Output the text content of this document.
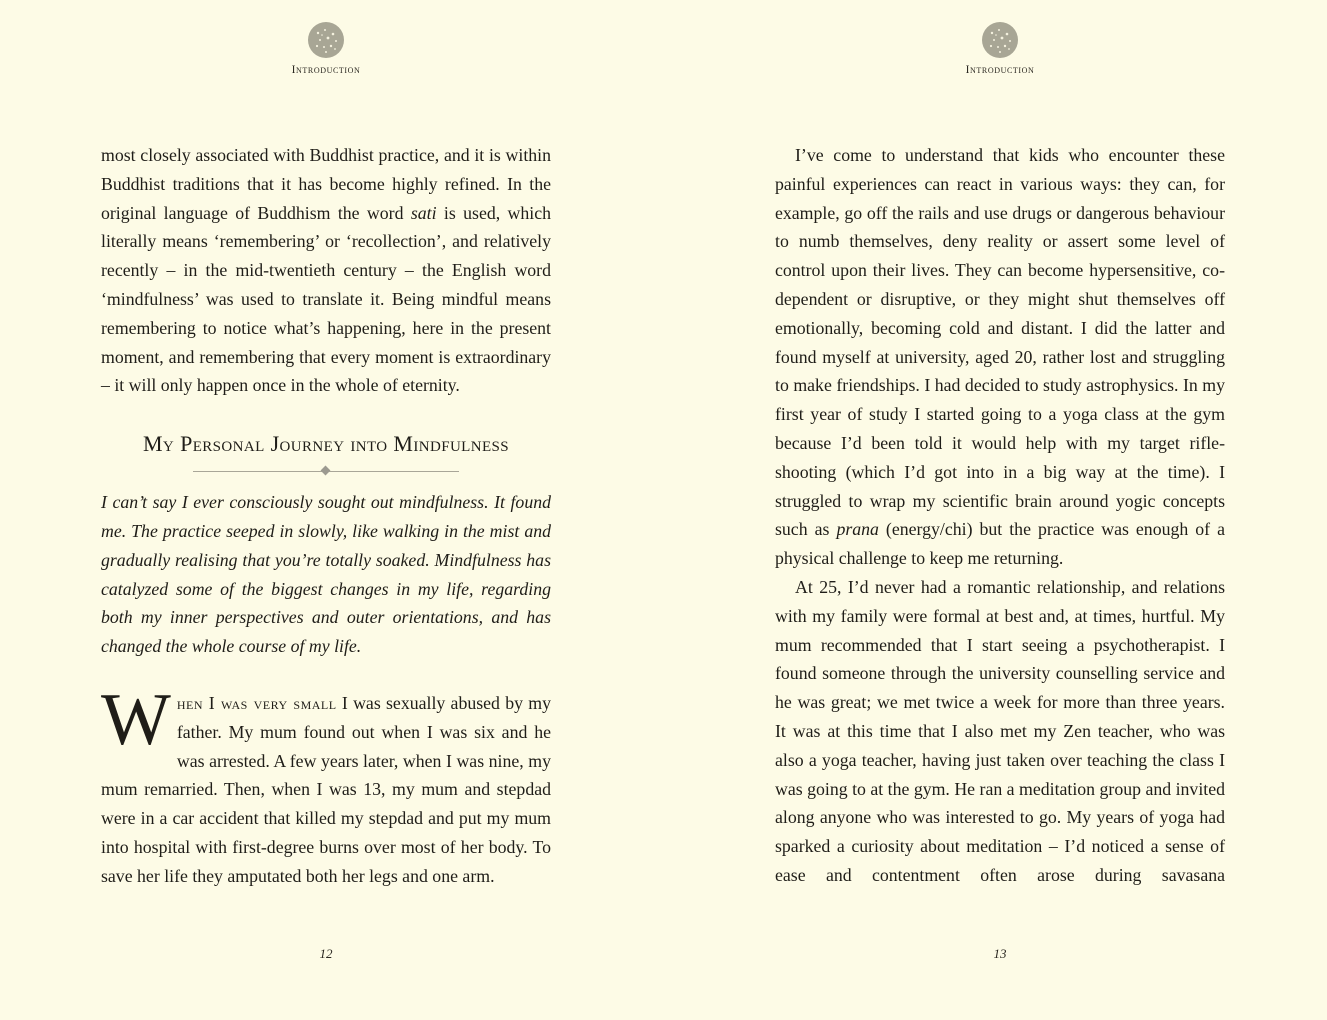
Introduction

most closely associated with Buddhist practice, and it is within Buddhist traditions that it has become highly refined. In the original language of Buddhism the word sati is used, which literally means ‘remembering’ or ‘recollection’, and relatively recently – in the mid-twentieth century – the English word ‘mindfulness’ was used to translate it. Being mindful means remembering to notice what’s happening, here in the present moment, and remembering that every moment is extraordinary – it will only happen once in the whole of eternity.

My Personal Journey into Mindfulness

I can’t say I ever consciously sought out mindfulness. It found me. The practice seeped in slowly, like walking in the mist and gradually realising that you’re totally soaked. Mindfulness has catalyzed some of the biggest changes in my life, regarding both my inner perspectives and outer orientations, and has changed the whole course of my life.

When I was very small I was sexually abused by my father. My mum found out when I was six and he was arrested. A few years later, when I was nine, my mum remarried. Then, when I was 13, my mum and stepdad were in a car accident that killed my stepdad and put my mum into hospital with first-degree burns over most of her body. To save her life they amputated both her legs and one arm.

12
Introduction

I’ve come to understand that kids who encounter these painful experiences can react in various ways: they can, for example, go off the rails and use drugs or dangerous behaviour to numb themselves, deny reality or assert some level of control upon their lives. They can become hypersensitive, co-dependent or disruptive, or they might shut themselves off emotionally, becoming cold and distant. I did the latter and found myself at university, aged 20, rather lost and struggling to make friendships. I had decided to study astrophysics. In my first year of study I started going to a yoga class at the gym because I’d been told it would help with my target rifle-shooting (which I’d got into in a big way at the time). I struggled to wrap my scientific brain around yogic concepts such as prana (energy/chi) but the practice was enough of a physical challenge to keep me returning.

At 25, I’d never had a romantic relationship, and relations with my family were formal at best and, at times, hurtful. My mum recommended that I start seeing a psychotherapist. I found someone through the university counselling service and he was great; we met twice a week for more than three years. It was at this time that I also met my Zen teacher, who was also a yoga teacher, having just taken over teaching the class I was going to at the gym. He ran a meditation group and invited along anyone who was interested to go. My years of yoga had sparked a curiosity about meditation – I’d noticed a sense of ease and contentment often arose during savasana

13
